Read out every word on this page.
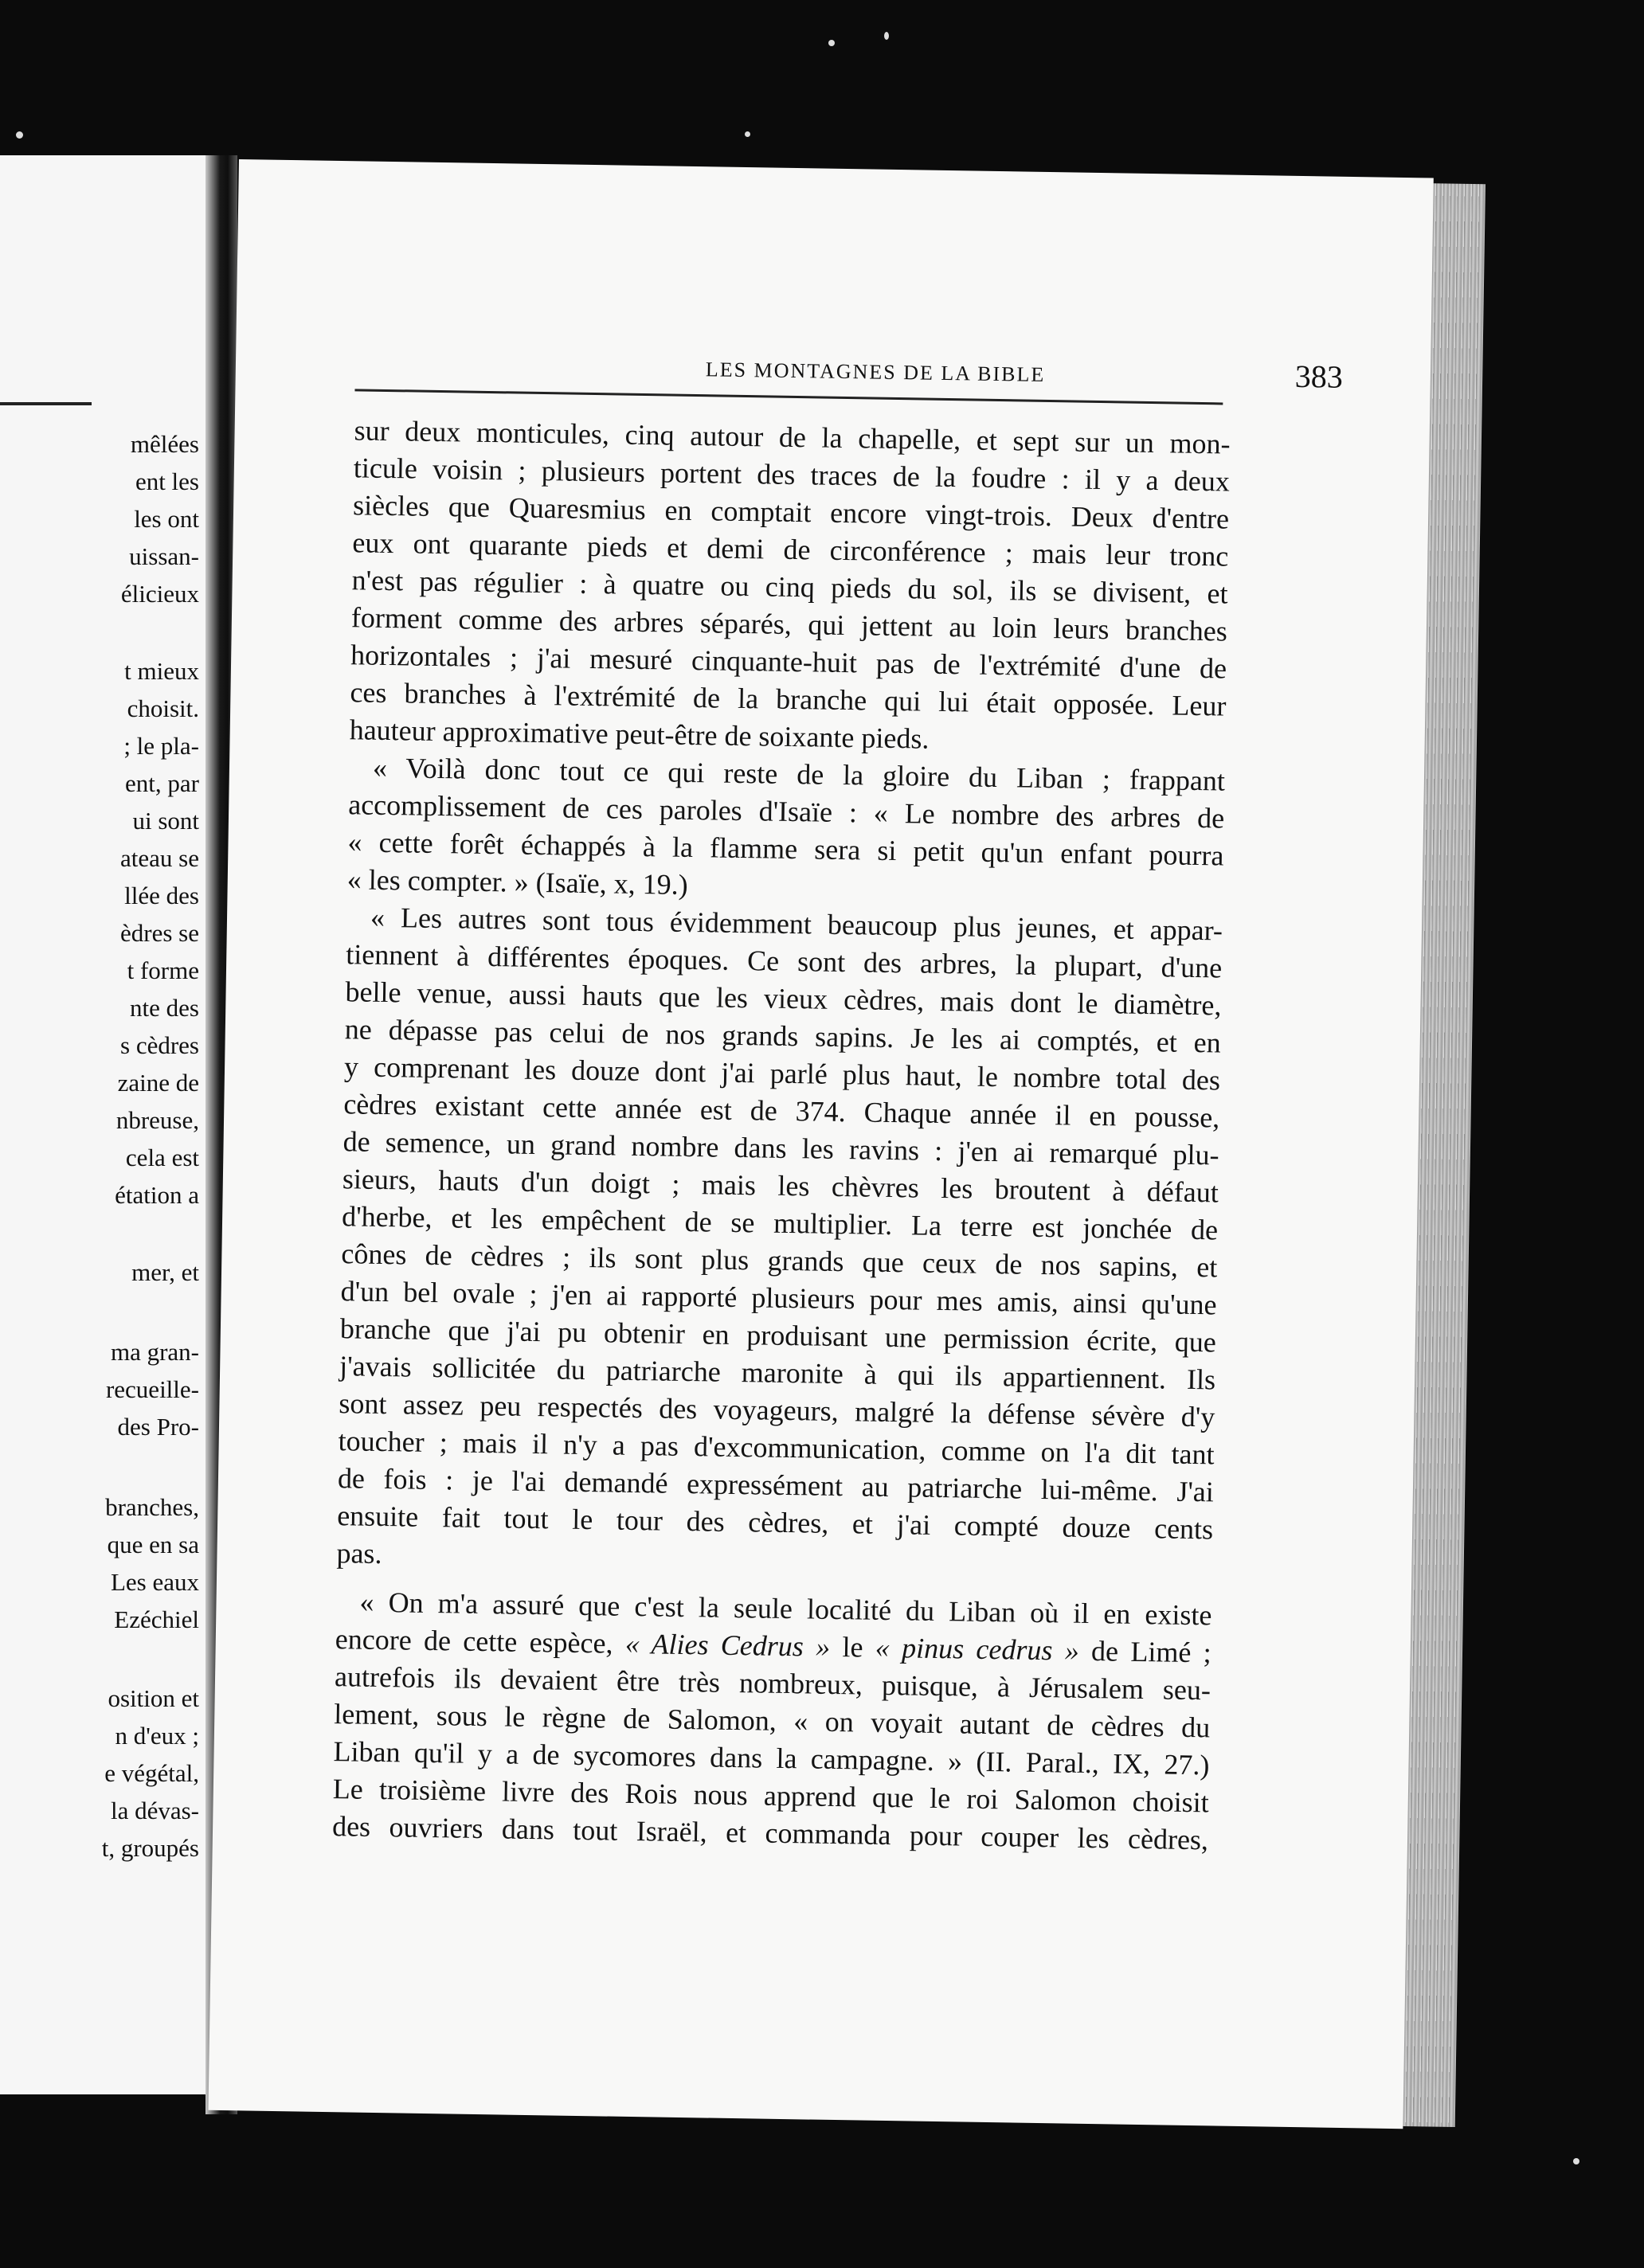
mêlées
ent les
les ont
uissan-
élicieux
t mieux
choisit.
; le pla-
ent, par
ui sont
ateau se
llée des
èdres se
t forme
nte des
s cèdres
zaine de
nbreuse,
cela est
étation a
mer, et
ma gran-
recueille-
des Pro-
branches,
que en sa
Les eaux
Ezéchiel
osition et
n d'eux ;
e végétal,
la dévas-
t, groupés
LES MONTAGNES DE LA BIBLE	383
sur deux monticules, cinq autour de la chapelle, et sept sur un mon-
ticule voisin ; plusieurs portent des traces de la foudre : il y a deux
siècles que Quaresmius en comptait encore vingt-trois. Deux d'entre
eux ont quarante pieds et demi de circonférence ; mais leur tronc
n'est pas régulier : à quatre ou cinq pieds du sol, ils se divisent, et
forment comme des arbres séparés, qui jettent au loin leurs branches
horizontales ; j'ai mesuré cinquante-huit pas de l'extrémité d'une de
ces branches à l'extrémité de la branche qui lui était opposée. Leur
hauteur approximative peut-être de soixante pieds.
« Voilà donc tout ce qui reste de la gloire du Liban ; frappant
accomplissement de ces paroles d'Isaïe : « Le nombre des arbres de
« cette forêt échappés à la flamme sera si petit qu'un enfant pourra
« les compter. » (Isaïe, x, 19.)
« Les autres sont tous évidemment beaucoup plus jeunes, et appar-
tiennent à différentes époques. Ce sont des arbres, la plupart, d'une
belle venue, aussi hauts que les vieux cèdres, mais dont le diamètre,
ne dépasse pas celui de nos grands sapins. Je les ai comptés, et en
y comprenant les douze dont j'ai parlé plus haut, le nombre total des
cèdres existant cette année est de 374. Chaque année il en pousse,
de semence, un grand nombre dans les ravins : j'en ai remarqué plu-
sieurs, hauts d'un doigt ; mais les chèvres les broutent à défaut
d'herbe, et les empêchent de se multiplier. La terre est jonchée de
cônes de cèdres ; ils sont plus grands que ceux de nos sapins, et
d'un bel ovale ; j'en ai rapporté plusieurs pour mes amis, ainsi qu'une
branche que j'ai pu obtenir en produisant une permission écrite, que
j'avais sollicitée du patriarche maronite à qui ils appartiennent. Ils
sont assez peu respectés des voyageurs, malgré la défense sévère d'y
toucher ; mais il n'y a pas d'excommunication, comme on l'a dit tant
de fois : je l'ai demandé expressément au patriarche lui-même. J'ai
ensuite fait tout le tour des cèdres, et j'ai compté douze cents
pas.
« On m'a assuré que c'est la seule localité du Liban où il en existe
encore de cette espèce, « Alies Cedrus » le « pinus cedrus » de Limé ;
autrefois ils devaient être très nombreux, puisque, à Jérusalem seu-
lement, sous le règne de Salomon, « on voyait autant de cèdres du
Liban qu'il y a de sycomores dans la campagne. » (II. Paral., IX, 27.)
Le troisième livre des Rois nous apprend que le roi Salomon choisit
des ouvriers dans tout Israël, et commanda pour couper les cèdres,
